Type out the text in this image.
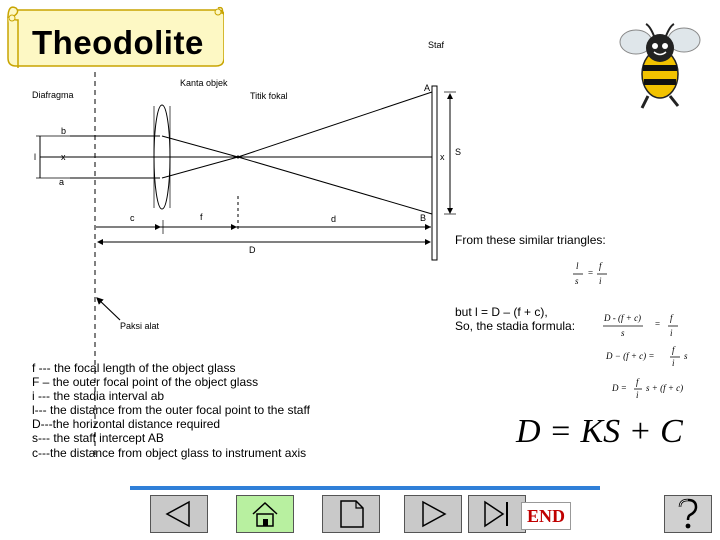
Theodolite	Staf
Kanta objek
Diafragma	Titik fokal
A
b
l	x	x S
a
c	f	d	B
D
Paksi alat
From these similar triangles:
but l = D – (f + c),
So, the stadia formula:
l
s
=
f
i
D - (f + c)
s
=
f
i
D − (f + c) =
f
i
s
D =
f
i
s + (f + c)
D = KS + C
f --- the focal length of the object glass
F – the outer focal point of the object glass
i --- the stadia interval ab
l--- the distance from the outer focal point to the staff
D---the horizontal distance required
s--- the staff intercept AB
c---the distance from object glass to instrument axis
END
